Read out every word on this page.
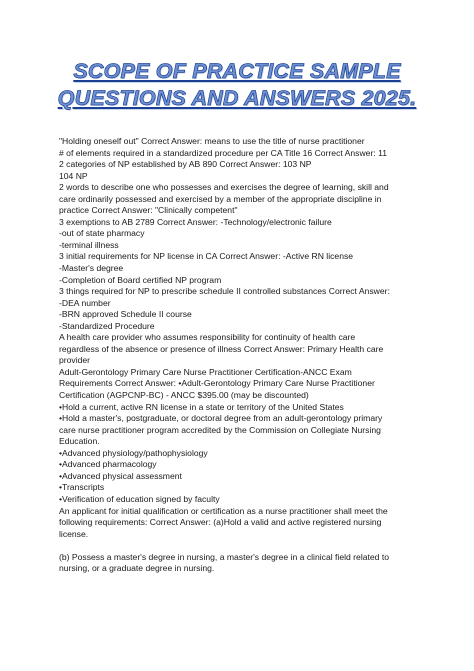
SCOPE OF PRACTICE SAMPLE
QUESTIONS AND ANSWERS 2025.
"Holding oneself out" Correct Answer: means to use the title of nurse practitioner
# of elements required in a standardized procedure per CA Title 16 Correct Answer: 11
2 categories of NP established by AB 890 Correct Answer: 103 NP
104 NP
2 words to describe one who possesses and exercises the degree of learning, skill and
care ordinarily possessed and exercised by a member of the appropriate discipline in
practice Correct Answer: "Clinically competent"
3 exemptions to AB 2789 Correct Answer: -Technology/electronic failure
-out of state pharmacy
-terminal illness
3 initial requirements for NP license in CA Correct Answer: -Active RN license
-Master's degree
-Completion of Board certified NP program
3 things required for NP to prescribe schedule II controlled substances Correct Answer:
-DEA number
-BRN approved Schedule II course
-Standardized Procedure
A health care provider who assumes responsibility for continuity of health care
regardless of the absence or presence of illness Correct Answer: Primary Health care
provider
Adult-Gerontology Primary Care Nurse Practitioner Certification-ANCC Exam
Requirements Correct Answer: •Adult-Gerontology Primary Care Nurse Practitioner
Certification (AGPCNP-BC) - ANCC $395.00 (may be discounted)
•Hold a current, active RN license in a state or territory of the United States
•Hold a master's, postgraduate, or doctoral degree from an adult-gerontology primary
care nurse practitioner program accredited by the Commission on Collegiate Nursing
Education.
•Advanced physiology/pathophysiology
•Advanced pharmacology
•Advanced physical assessment
•Transcripts
•Verification of education signed by faculty
An applicant for initial qualification or certification as a nurse practitioner shall meet the
following requirements: Correct Answer: (a)Hold a valid and active registered nursing
license.
(b) Possess a master's degree in nursing, a master's degree in a clinical field related to
nursing, or a graduate degree in nursing.
